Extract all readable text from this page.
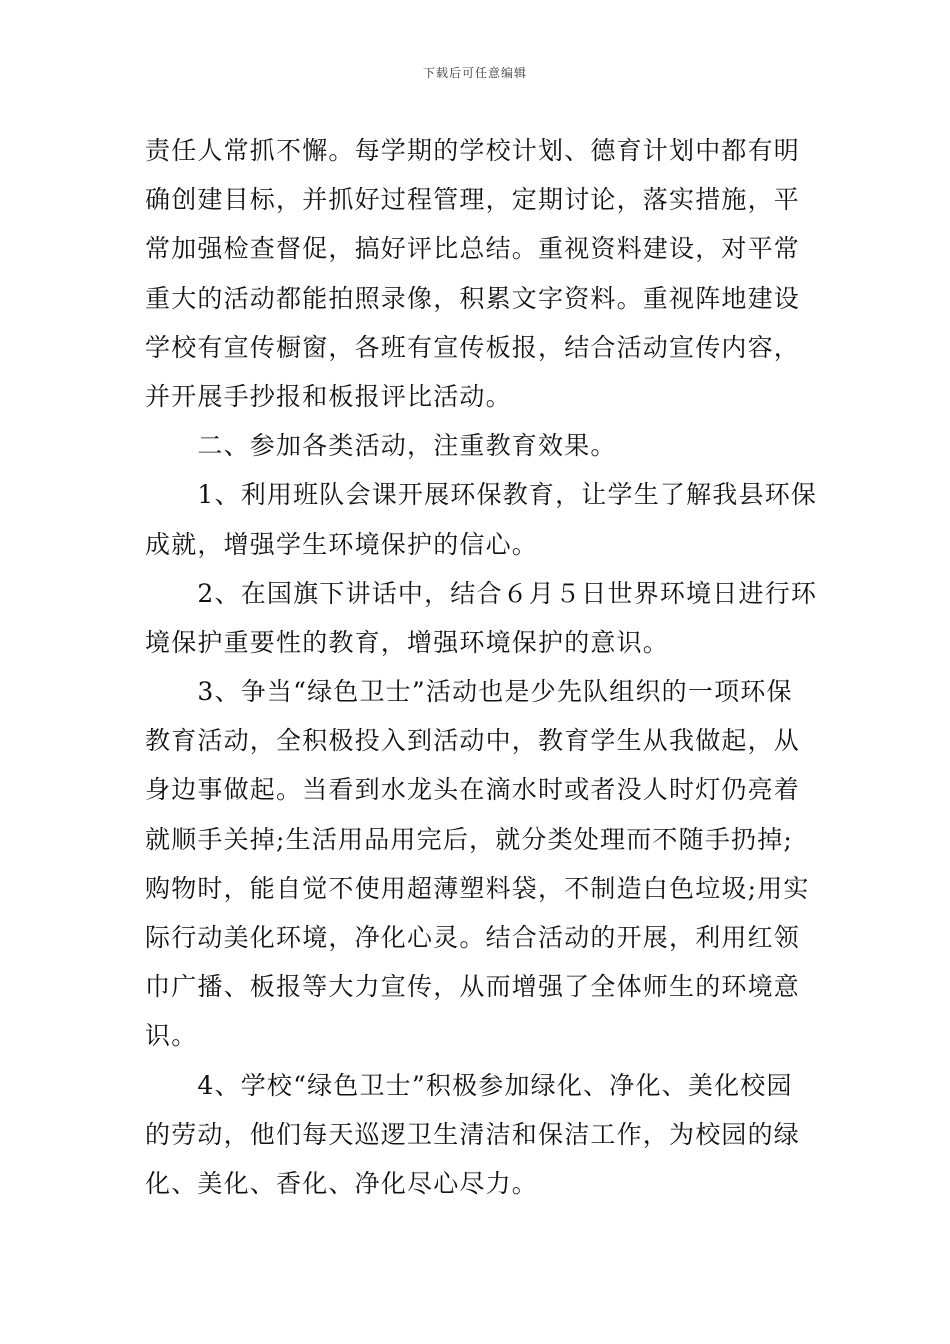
下载后可任意编辑
责任人常抓不懈。每学期的学校计划、德育计划中都有明
确创建目标，并抓好过程管理，定期讨论，落实措施，平
常加强检查督促，搞好评比总结。重视资料建设，对平常
重大的活动都能拍照录像，积累文字资料。重视阵地建设
学校有宣传橱窗，各班有宣传板报，结合活动宣传内容，
并开展手抄报和板报评比活动。
　　二、参加各类活动，注重教育效果。
　　1、利用班队会课开展环保教育，让学生了解我县环保
成就，增强学生环境保护的信心。
　　2、在国旗下讲话中，结合６月５日世界环境日进行环
境保护重要性的教育，增强环境保护的意识。
　　3、争当“绿色卫士”活动也是少先队组织的一项环保
教育活动，全积极投入到活动中，教育学生从我做起，从
身边事做起。当看到水龙头在滴水时或者没人时灯仍亮着
就顺手关掉;生活用品用完后，就分类处理而不随手扔掉;
购物时，能自觉不使用超薄塑料袋，不制造白色垃圾;用实
际行动美化环境，净化心灵。结合活动的开展，利用红领
巾广播、板报等大力宣传，从而增强了全体师生的环境意
识。
　　4、学校“绿色卫士”积极参加绿化、净化、美化校园
的劳动，他们每天巡逻卫生清洁和保洁工作，为校园的绿
化、美化、香化、净化尽心尽力。
